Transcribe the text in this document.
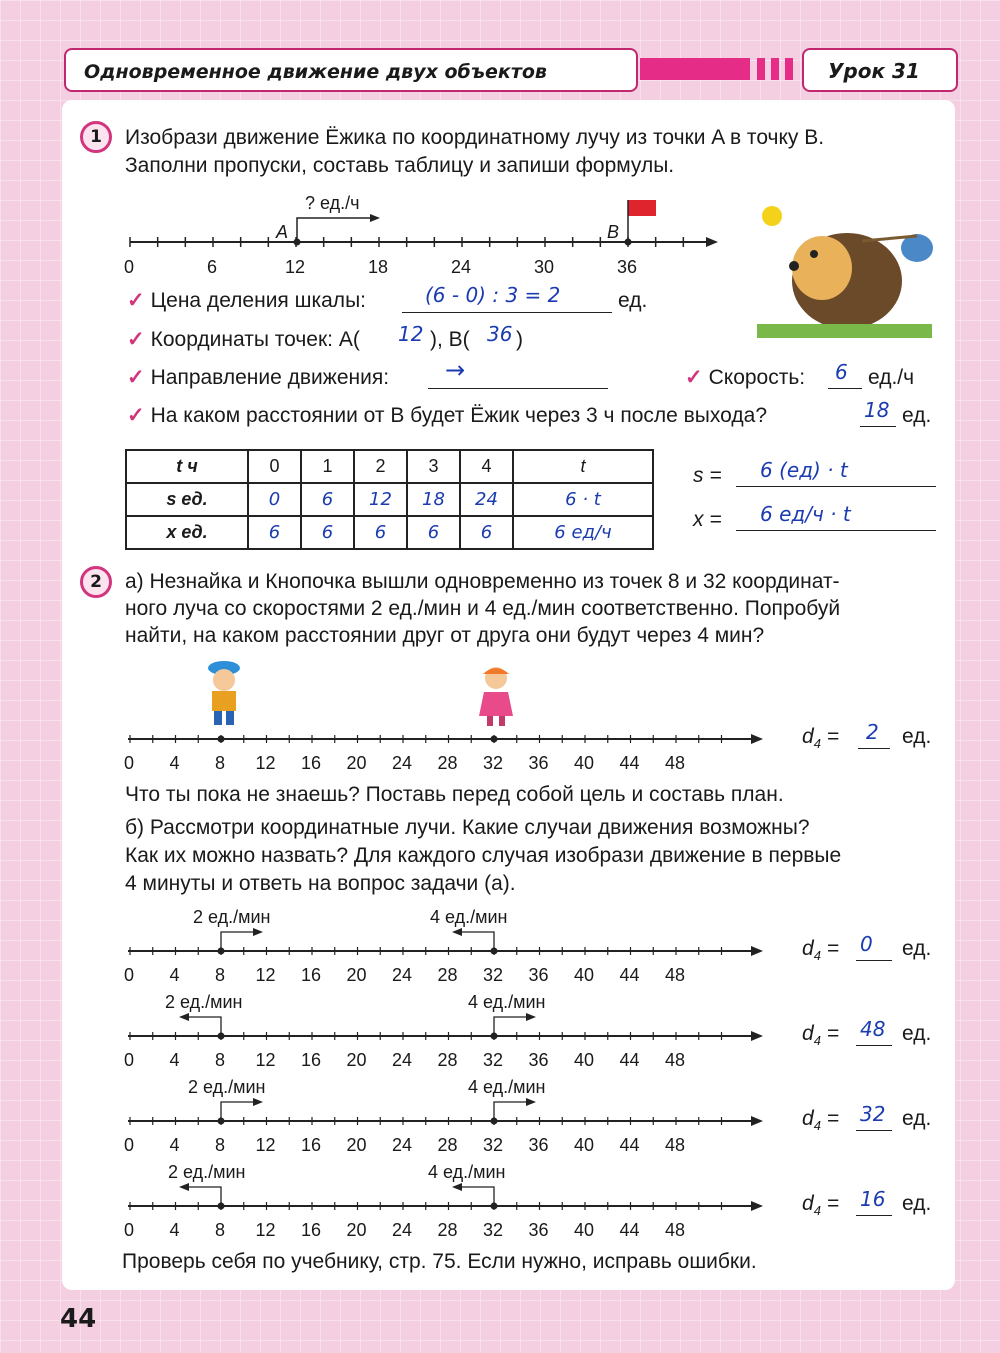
Одновременное движение двух объектов	Урок 31
1	Изобрази движение Ёжика по координатному лучу из точки A в точку B.
Заполни пропуски, составь таблицу и запиши формулы.
? ед./ч
A	B
0	6	12	18	24	30	36
✓ Цена деления шкалы:	(6 - 0) : 3 = 2	ед.
✓ Координаты точек: A( 12 ), B( 36 )
✓ Направление движения: →	✓ Скорость: 6 ед./ч
✓ На каком расстоянии от B будет Ёжик через 3 ч после выхода?	18 ед.
t ч	0	1	2	3	4	t
s ед.	0	6	12	18	24	6 · t
x ед.	6	6	6	6	6	6 ед/ч
s = 6 (ед) · t
x = 6 ед/ч · t
2	а) Незнайка и Кнопочка вышли одновременно из точек 8 и 32 координат-
ного луча со скоростями 2 ед./мин и 4 ед./мин соответственно. Попробуй
найти, на каком расстоянии друг от друга они будут через 4 мин?
0 4 8 12 16 20 24 28 32 36 40 44 48
0 4 8 12 16 20 24 28 32 36 40 44 48
2 ед./мин	4 ед./мин
0 4 8 12 16 20 24 28 32 36 40 44 48
2 ед./мин	4 ед./мин
0 4 8 12 16 20 24 28 32 36 40 44 48
2 ед./мин	4 ед./мин
0 4 8 12 16 20 24 28 32 36 40 44 48
2 ед./мин	4 ед./мин
$d_4 = 2$ ед.
Что ты пока не знаешь? Поставь перед собой цель и составь план.
б) Рассмотри координатные лучи. Какие случаи движения возможны?
Как их можно назвать? Для каждого случая изобрази движение в первые
4 минуты и ответь на вопрос задачи (а).
$d_4 = 0$ ед.
$d_4 = 48$ ед.
$d_4 = 32$ ед.
$d_4 = 16$ ед.
Проверь себя по учебнику, стр. 75. Если нужно, исправь ошибки.
44
